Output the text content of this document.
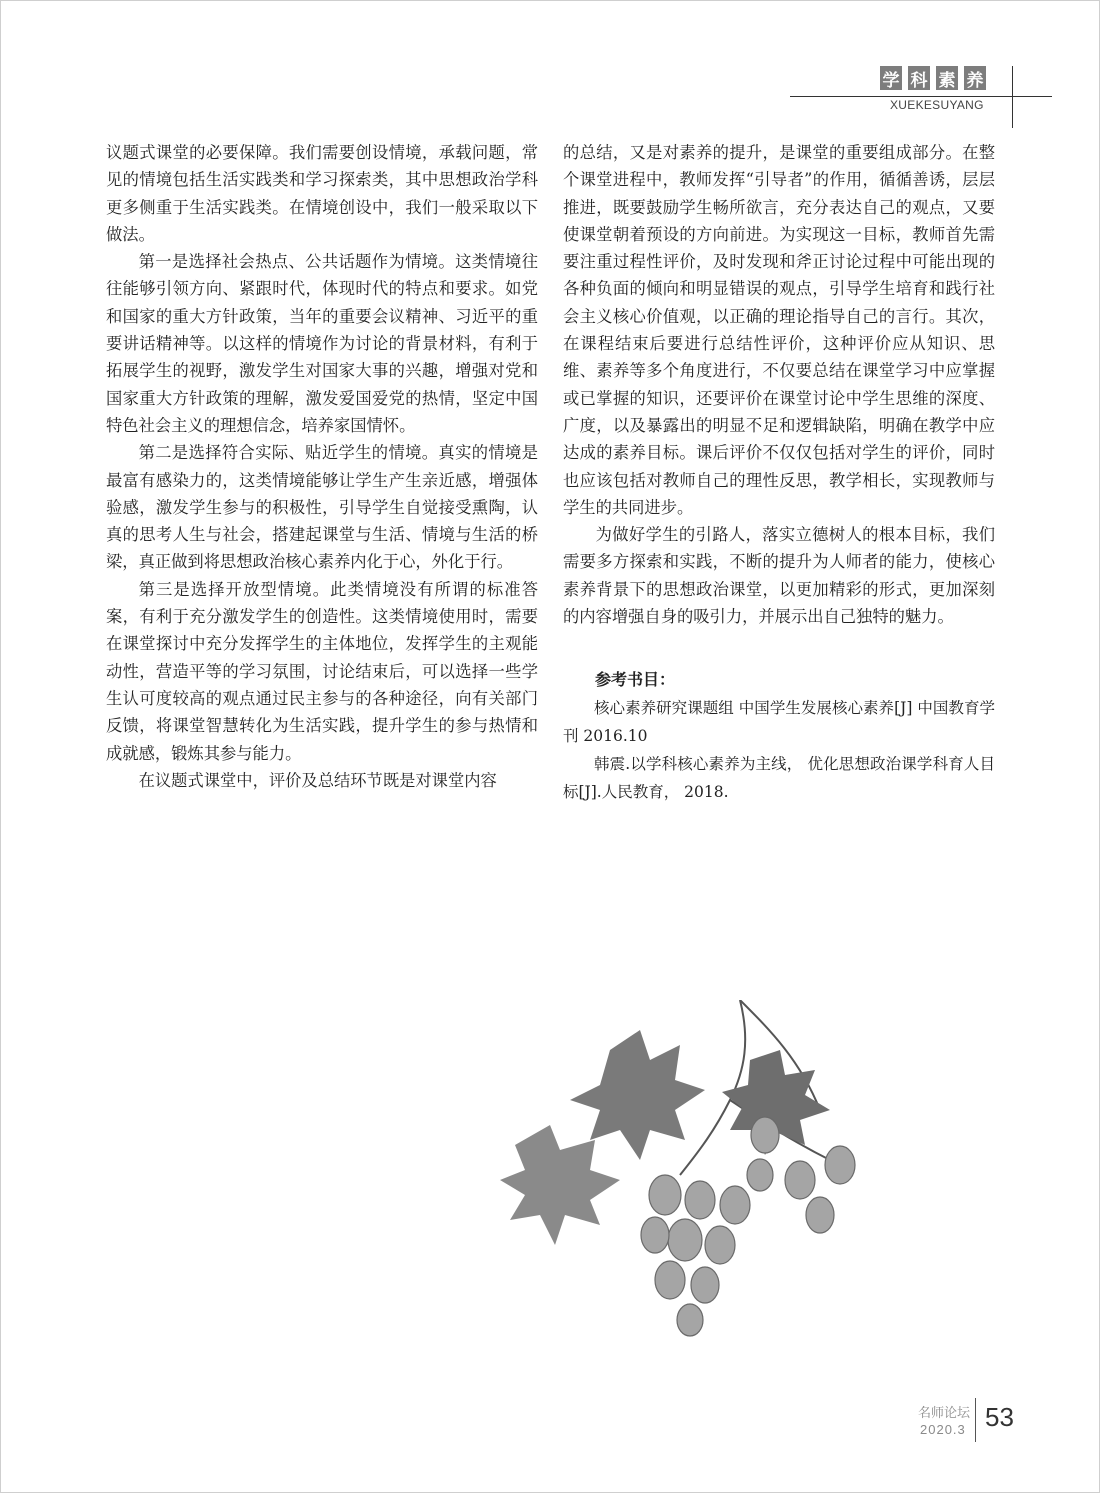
学 科 素 养
XUEKESUYANG

议题式课堂的必要保障。我们需要创设情境，承载问题，常见的情境包括生活实践类和学习探索类，其中思想政治学科更多侧重于生活实践类。在情境创设中，我们一般采取以下做法。

第一是选择社会热点、公共话题作为情境。这类情境往往能够引领方向、紧跟时代，体现时代的特点和要求。如党和国家的重大方针政策，当年的重要会议精神、习近平的重要讲话精神等。以这样的情境作为讨论的背景材料，有利于拓展学生的视野，激发学生对国家大事的兴趣，增强对党和国家重大方针政策的理解，激发爱国爱党的热情，坚定中国特色社会主义的理想信念，培养家国情怀。

第二是选择符合实际、贴近学生的情境。真实的情境是最富有感染力的，这类情境能够让学生产生亲近感，增强体验感，激发学生参与的积极性，引导学生自觉接受熏陶，认真的思考人生与社会，搭建起课堂与生活、情境与生活的桥梁，真正做到将思想政治核心素养内化于心，外化于行。

第三是选择开放型情境。此类情境没有所谓的标准答案，有利于充分激发学生的创造性。这类情境使用时，需要在课堂探讨中充分发挥学生的主体地位，发挥学生的主观能动性，营造平等的学习氛围，讨论结束后，可以选择一些学生认可度较高的观点通过民主参与的各种途径，向有关部门反馈，将课堂智慧转化为生活实践，提升学生的参与热情和成就感，锻炼其参与能力。

在议题式课堂中，评价及总结环节既是对课堂内容

的总结，又是对素养的提升，是课堂的重要组成部分。在整个课堂进程中，教师发挥“引导者”的作用，循循善诱，层层推进，既要鼓励学生畅所欲言，充分表达自己的观点，又要使课堂朝着预设的方向前进。为实现这一目标，教师首先需要注重过程性评价，及时发现和斧正讨论过程中可能出现的各种负面的倾向和明显错误的观点，引导学生培育和践行社会主义核心价值观，以正确的理论指导自己的言行。其次，在课程结束后要进行总结性评价，这种评价应从知识、思维、素养等多个角度进行，不仅要总结在课堂学习中应掌握或已掌握的知识，还要评价在课堂讨论中学生思维的深度、广度，以及暴露出的明显不足和逻辑缺陷，明确在教学中应达成的素养目标。课后评价不仅仅包括对学生的评价，同时也应该包括对教师自己的理性反思，教学相长，实现教师与学生的共同进步。

为做好学生的引路人，落实立德树人的根本目标，我们需要多方探索和实践，不断的提升为人师者的能力，使核心素养背景下的思想政治课堂，以更加精彩的形式，更加深刻的内容增强自身的吸引力，并展示出自己独特的魅力。

参考书目：

核心素养研究课题组 中国学生发展核心素养[J] 中国教育学刊 2016.10

韩震.以学科核心素养为主线， 优化思想政治课学科育人目标[J].人民教育， 2018.

名师论坛
2020.3 53
